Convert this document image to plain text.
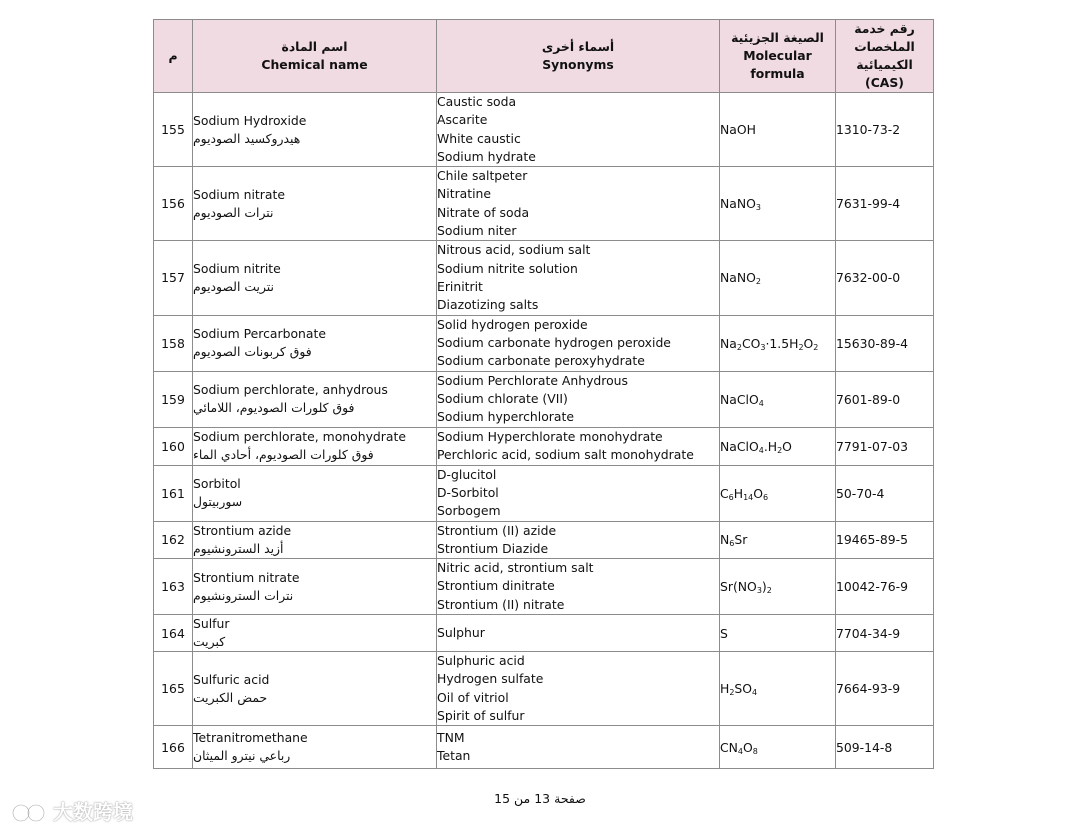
م	اسم المادة
Chemical name	أسماء أخرى
Synonyms	الصيغة الجزيئية
Molecular
formula	رقم خدمة
الملخصات
الكيميائية
(CAS)

155	Sodium Hydroxide
هيدروكسيد الصوديوم	Caustic soda
Ascarite
White caustic
Sodium hydrate	NaOH	1310-73-2
156	Sodium nitrate
نترات الصوديوم	Chile saltpeter
Nitratine
Nitrate of soda
Sodium niter	NaNO$_3$	7631-99-4
157	Sodium nitrite
نتريت الصوديوم	Nitrous acid, sodium salt
Sodium nitrite solution
Erinitrit
Diazotizing salts	NaNO$_2$	7632-00-0
158	Sodium Percarbonate
فوق كربونات الصوديوم	Solid hydrogen peroxide
Sodium carbonate hydrogen peroxide
Sodium carbonate peroxyhydrate	$Na_2CO_3\cdot 1.5H_2O_2$	15630-89-4
159	Sodium perchlorate, anhydrous
فوق كلورات الصوديوم، اللامائي	Sodium Perchlorate Anhydrous
Sodium chlorate (VII)
Sodium hyperchlorate	NaClO$_4$	7601-89-0
160	Sodium perchlorate, monohydrate
فوق كلورات الصوديوم، أحادي الماء	Sodium Hyperchlorate monohydrate
Perchloric acid, sodium salt monohydrate	$NaClO_4.H_2O$	7791-07-03
161	Sorbitol
سوربيتول	D-glucitol
D-Sorbitol
Sorbogem	$C_6H_{14}O_6$	50-70-4
162	Strontium azide
أزيد السترونشيوم	Strontium (II) azide
Strontium Diazide	$N_6Sr$	19465-89-5
163	Strontium nitrate
نترات السترونشيوم	Nitric acid, strontium salt
Strontium dinitrate
Strontium (II) nitrate	$Sr(NO_3)_2$	10042-76-9
164	Sulfur
كبريت	Sulphur	S	7704-34-9
165	Sulfuric acid
حمض الكبريت	Sulphuric acid
Hydrogen sulfate
Oil of vitriol
Spirit of sulfur	$H_2SO_4$	7664-93-9
166	Tetranitromethane
رباعي نيترو الميثان	TNM
Tetan	$CN_4O_8$	509-14-8
صفحة 13 من 15
大数跨境
